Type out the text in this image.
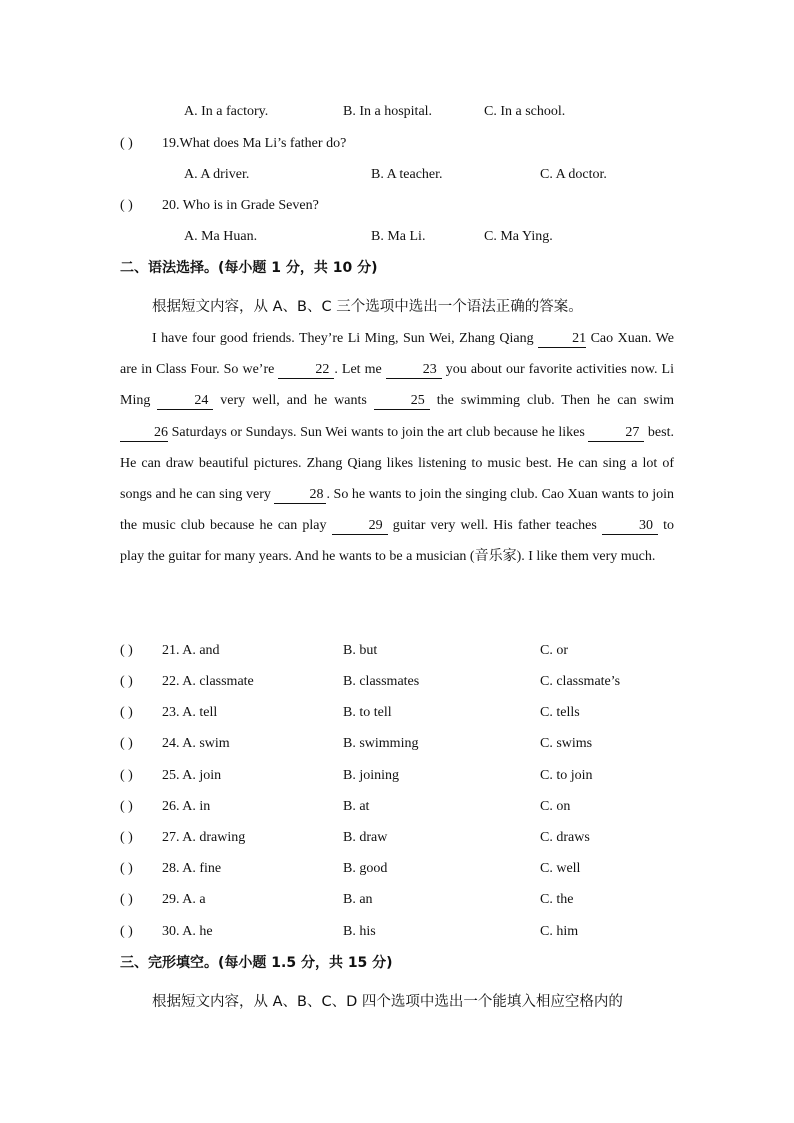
A. In a factory.	B. In a hospital.	C. In a school.
( ) 19.What does Ma Li’s father do?
A. A driver.	B. A teacher.	C. A doctor.
( ) 20. Who is in Grade Seven?
A. Ma Huan.	B. Ma Li.	C. Ma Ying.
二、语法选择。(每小题 1 分，共 10 分)
根据短文内容，从 A、B、C 三个选项中选出一个语法正确的答案。

I have four good friends. They’re Li Ming, Sun Wei, Zhang Qiang 21 Cao Xuan. We are in Class Four. So we’re	22 . Let me	23 you about our favorite activities now. Li Ming	24 very well, and he wants	25 the swimming club. Then he can swim 26 Saturdays or Sundays. Sun Wei wants to join the art club because he likes	27 best. He can draw beautiful pictures. Zhang Qiang likes listening to music best. He can sing a lot of songs and he can sing very	28 . So he wants to join the singing club. Cao Xuan wants to join the music club because he can play	29 guitar very well. His father teaches	30 to play the guitar for many years. And he wants to be a musician (音乐家). I like them very much.

( ) 21. A. and	B. but	C. or
( ) 22. A. classmate	B. classmates	C. classmate’s
( ) 23. A. tell	B. to tell	C. tells
( ) 24. A. swim	B. swimming	C. swims
( ) 25. A. join	B. joining	C. to join
( ) 26. A. in	B. at	C. on
( ) 27. A. drawing	B. draw	C. draws
( ) 28. A. fine	B. good	C. well
( ) 29. A. a	B. an	C. the
( ) 30. A. he	B. his	C. him
三、完形填空。(每小题 1.5 分，共 15 分)
根据短文内容，从 A、B、C、D 四个选项中选出一个能填入相应空格内的
